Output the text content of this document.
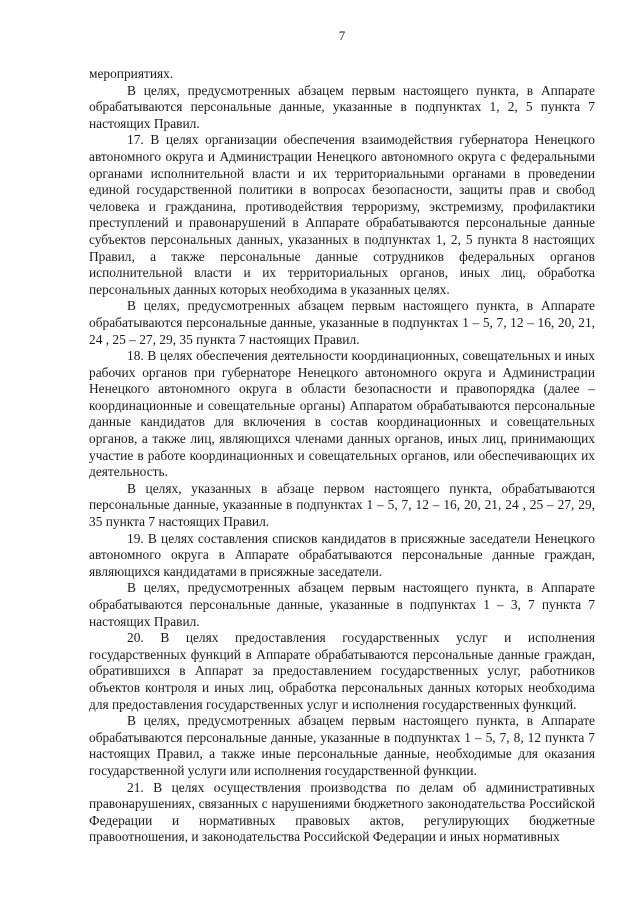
7

мероприятиях.

В целях, предусмотренных абзацем первым настоящего пункта, в Аппарате обрабатываются персональные данные, указанные в подпунктах 1, 2, 5 пункта 7 настоящих Правил.

17. В целях организации обеспечения взаимодействия губернатора Ненецкого автономного округа и Администрации Ненецкого автономного округа с федеральными органами исполнительной власти и их территориальными органами в проведении единой государственной политики в вопросах безопасности, защиты прав и свобод человека и гражданина, противодействия терроризму, экстремизму, профилактики преступлений и правонарушений в Аппарате обрабатываются персональные данные субъектов персональных данных, указанных в подпунктах 1, 2, 5 пункта 8 настоящих Правил, а также персональные данные сотрудников федеральных органов исполнительной власти и их территориальных органов, иных лиц, обработка персональных данных которых необходима в указанных целях.

В целях, предусмотренных абзацем первым настоящего пункта, в Аппарате обрабатываются персональные данные, указанные в подпунктах 1 – 5, 7, 12 – 16, 20, 21, 24 , 25 – 27, 29, 35 пункта 7 настоящих Правил.

18. В целях обеспечения деятельности координационных, совещательных и иных рабочих органов при губернаторе Ненецкого автономного округа и Администрации Ненецкого автономного округа в области безопасности и правопорядка (далее – координационные и совещательные органы) Аппаратом обрабатываются персональные данные кандидатов для включения в состав координационных и совещательных органов, а также лиц, являющихся членами данных органов, иных лиц, принимающих участие в работе координационных и совещательных органов, или обеспечивающих их деятельность.

В целях, указанных в абзаце первом настоящего пункта, обрабатываются персональные данные, указанные в подпунктах 1 – 5, 7, 12 – 16, 20, 21, 24 , 25 – 27, 29, 35 пункта 7 настоящих Правил.

19. В целях составления списков кандидатов в присяжные заседатели Ненецкого автономного округа в Аппарате обрабатываются персональные данные граждан, являющихся кандидатами в присяжные заседатели.

В целях, предусмотренных абзацем первым настоящего пункта, в Аппарате обрабатываются персональные данные, указанные в подпунктах 1 – 3, 7 пункта 7 настоящих Правил.

20. В целях предоставления государственных услуг и исполнения государственных функций в Аппарате обрабатываются персональные данные граждан, обратившихся в Аппарат за предоставлением государственных услуг, работников объектов контроля и иных лиц, обработка персональных данных которых необходима для предоставления государственных услуг и исполнения государственных функций.

В целях, предусмотренных абзацем первым настоящего пункта, в Аппарате обрабатываются персональные данные, указанные в подпунктах 1 – 5, 7, 8, 12 пункта 7 настоящих Правил, а также иные персональные данные, необходимые для оказания государственной услуги или исполнения государственной функции.

21. В целях осуществления производства по делам об административных правонарушениях, связанных с нарушениями бюджетного законодательства Российской Федерации и нормативных правовых актов, регулирующих бюджетные правоотношения, и законодательства Российской Федерации и иных нормативных
